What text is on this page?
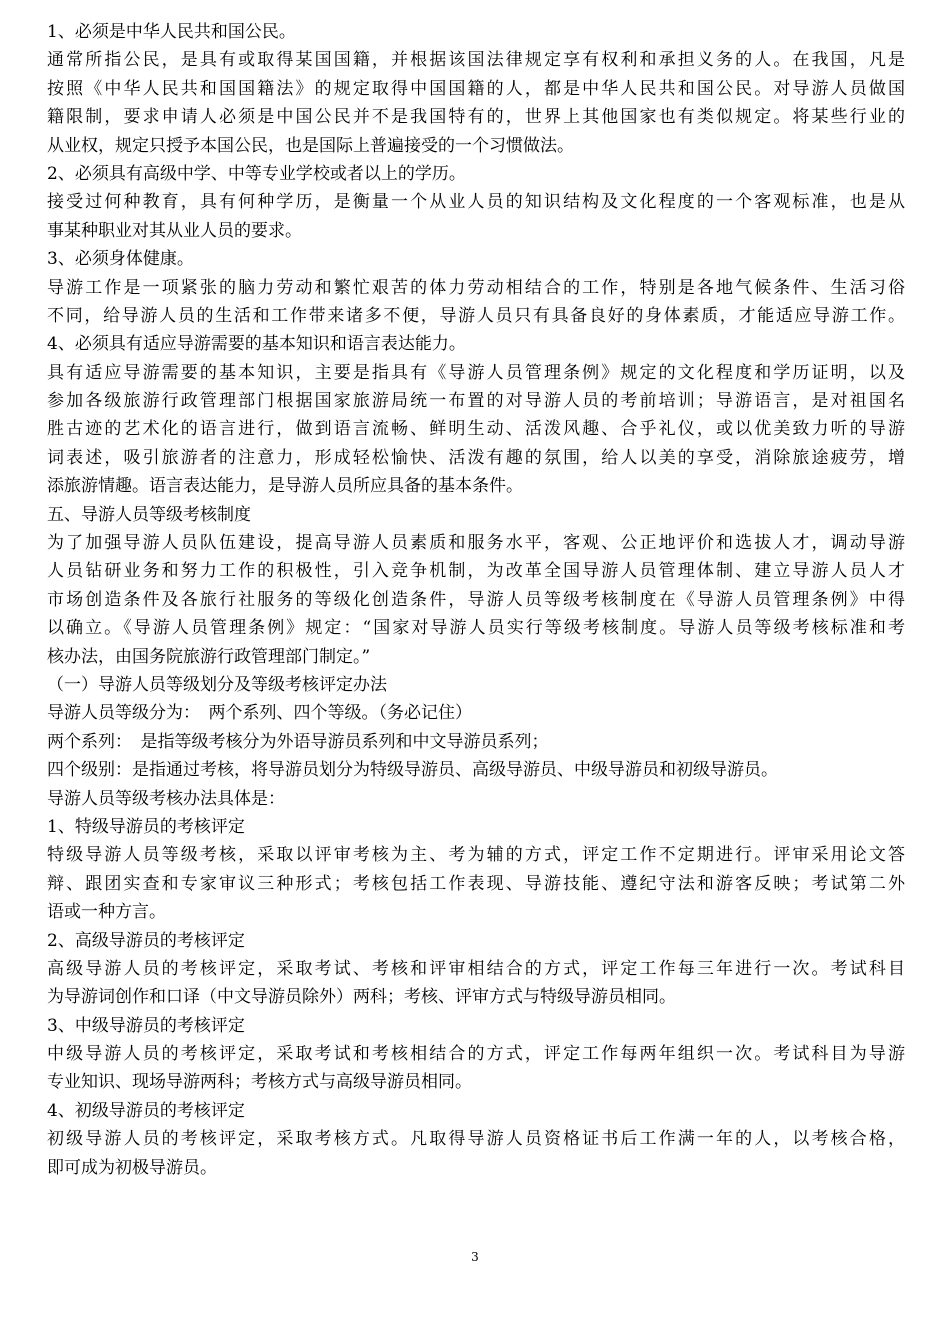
1、必须是中华人民共和国公民。
通常所指公民，是具有或取得某国国籍，并根据该国法律规定享有权利和承担义务的人。在我国，凡是
按照《中华人民共和国国籍法》的规定取得中国国籍的人，都是中华人民共和国公民。对导游人员做国
籍限制，要求申请人必须是中国公民并不是我国特有的，世界上其他国家也有类似规定。将某些行业的
从业权，规定只授予本国公民，也是国际上普遍接受的一个习惯做法。
2、必须具有高级中学、中等专业学校或者以上的学历。
接受过何种教育，具有何种学历，是衡量一个从业人员的知识结构及文化程度的一个客观标准，也是从
事某种职业对其从业人员的要求。
3、必须身体健康。
导游工作是一项紧张的脑力劳动和繁忙艰苦的体力劳动相结合的工作，特别是各地气候条件、生活习俗
不同，给导游人员的生活和工作带来诸多不便，导游人员只有具备良好的身体素质，才能适应导游工作。
4、必须具有适应导游需要的基本知识和语言表达能力。
具有适应导游需要的基本知识，主要是指具有《导游人员管理条例》规定的文化程度和学历证明，以及
参加各级旅游行政管理部门根据国家旅游局统一布置的对导游人员的考前培训；导游语言，是对祖国名
胜古迹的艺术化的语言进行，做到语言流畅、鲜明生动、活泼风趣、合乎礼仪，或以优美致力听的导游
词表述，吸引旅游者的注意力，形成轻松愉快、活泼有趣的氛围，给人以美的享受，消除旅途疲劳，增
添旅游情趣。语言表达能力，是导游人员所应具备的基本条件。
五、导游人员等级考核制度
为了加强导游人员队伍建设，提高导游人员素质和服务水平，客观、公正地评价和选拔人才，调动导游
人员钻研业务和努力工作的积极性，引入竞争机制，为改革全国导游人员管理体制、建立导游人员人才
市场创造条件及各旅行社服务的等级化创造条件，导游人员等级考核制度在《导游人员管理条例》中得
以确立。《导游人员管理条例》规定：“国家对导游人员实行等级考核制度。导游人员等级考核标准和考
核办法，由国务院旅游行政管理部门制定。”
（一）导游人员等级划分及等级考核评定办法
导游人员等级分为：　两个系列、四个等级。（务必记住）
两个系列：　是指等级考核分为外语导游员系列和中文导游员系列；
四个级别：是指通过考核，将导游员划分为特级导游员、高级导游员、中级导游员和初级导游员。
导游人员等级考核办法具体是：
1、特级导游员的考核评定
特级导游人员等级考核，采取以评审考核为主、考为辅的方式，评定工作不定期进行。评审采用论文答
辩、跟团实查和专家审议三种形式；考核包括工作表现、导游技能、遵纪守法和游客反映；考试第二外
语或一种方言。
2、高级导游员的考核评定
高级导游人员的考核评定，采取考试、考核和评审相结合的方式，评定工作每三年进行一次。考试科目
为导游词创作和口译（中文导游员除外）两科；考核、评审方式与特级导游员相同。
3、中级导游员的考核评定
中级导游人员的考核评定，采取考试和考核相结合的方式，评定工作每两年组织一次。考试科目为导游
专业知识、现场导游两科；考核方式与高级导游员相同。
4、初级导游员的考核评定
初级导游人员的考核评定，采取考核方式。凡取得导游人员资格证书后工作满一年的人，以考核合格，
即可成为初极导游员。
3
